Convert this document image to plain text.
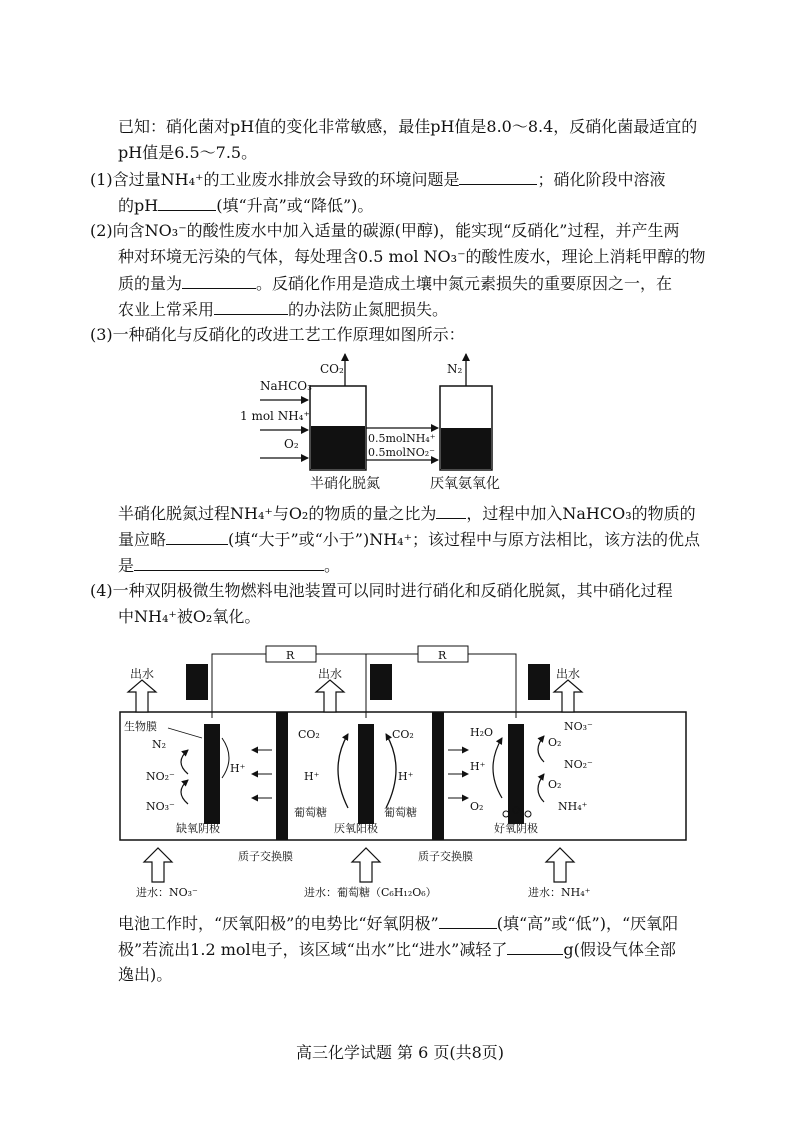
已知：硝化菌对pH值的变化非常敏感，最佳pH值是8.0～8.4，反硝化菌最适宜的
pH值是6.5～7.5。
(1)含过量NH₄⁺的工业废水排放会导致的环境问题是	；硝化阶段中溶液
的pH	(填“升高”或“降低”)。
(2)向含NO₃⁻的酸性废水中加入适量的碳源(甲醇)，能实现“反硝化”过程，并产生两
种对环境无污染的气体，每处理含0.5 mol NO₃⁻的酸性废水，理论上消耗甲醇的物
质的量为	。反硝化作用是造成土壤中氮元素损失的重要原因之一，在
农业上常采用	的办法防止氮肥损失。
(3)一种硝化与反硝化的改进工艺工作原理如图所示：
CO₂	N₂
NaHCO₃
1 mol NH₄⁺
O₂	0.5molNH₄⁺
0.5molNO₂⁻
半硝化脱氮	厌氧氨氧化
半硝化脱氮过程NH₄⁺与O₂的物质的量之比为 ，过程中加入NaHCO₃的物质的
量应略	(填“大于”或“小于”)NH₄⁺；该过程中与原方法相比，该方法的优点
是	。
(4)一种双阴极微生物燃料电池装置可以同时进行硝化和反硝化脱氮，其中硝化过程
中NH₄⁺被O₂氧化。
R	R
出水	出水	出水
生物膜
N₂
NO₂⁻
NO₃⁻
H⁺
缺氧阴极
CO₂	CO₂
H⁺	H⁺
葡萄糖	葡萄糖
厌氧阳极
H₂O
H⁺
O₂
NO₃⁻
O₂
NO₂⁻
O₂
NH₄⁺
好氧阴极
质子交换膜	质子交换膜
进水：NO₃⁻	进水：葡萄糖（C₆H₁₂O₆）	进水：NH₄⁺
电池工作时，“厌氧阳极”的电势比“好氧阴极”	(填“高”或“低”)，“厌氧阳
极”若流出1.2 mol电子，该区域“出水”比“进水”减轻了	g(假设气体全部
逸出)。
高三化学试题 第 6 页(共8页)
